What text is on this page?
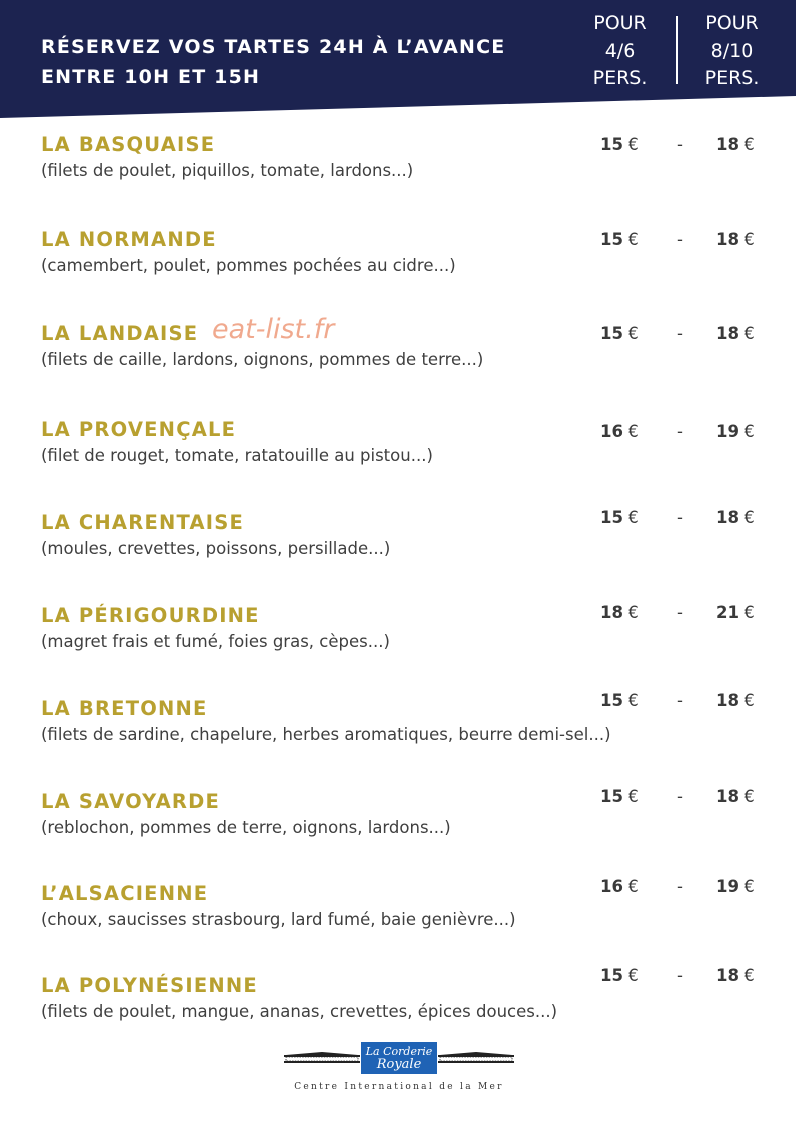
RÉSERVEZ VOS TARTES 24H À L’AVANCE
ENTRE 10H ET 15H
POUR
4/6
PERS.
POUR
8/10
PERS.
LA BASQUAISE
(filets de poulet, piquillos, tomate, lardons...)
15 € - 18 €
LA NORMANDE
(camembert, poulet, pommes pochées au cidre...)
15 € - 18 €
LA LANDAISE
(filets de caille, lardons, oignons, pommes de terre...)
15 € - 18 €
eat-list.fr
LA PROVENÇALE
(filet de rouget, tomate, ratatouille au pistou...)
16 € - 19 €
LA CHARENTAISE
(moules, crevettes, poissons, persillade...)
15 € - 18 €
LA PÉRIGOURDINE
(magret frais et fumé, foies gras, cèpes...)
18 € - 21 €
LA BRETONNE
(filets de sardine, chapelure, herbes aromatiques, beurre demi-sel...)
15 € - 18 €
LA SAVOYARDE
(reblochon, pommes de terre, oignons, lardons...)
15 € - 18 €
L’ALSACIENNE
(choux, saucisses strasbourg, lard fumé, baie genièvre...)
16 € - 19 €
LA POLYNÉSIENNE
(filets de poulet, mangue, ananas, crevettes, épices douces...)
15 € - 18 €
La Corderie
Royale
Centre International de la Mer
